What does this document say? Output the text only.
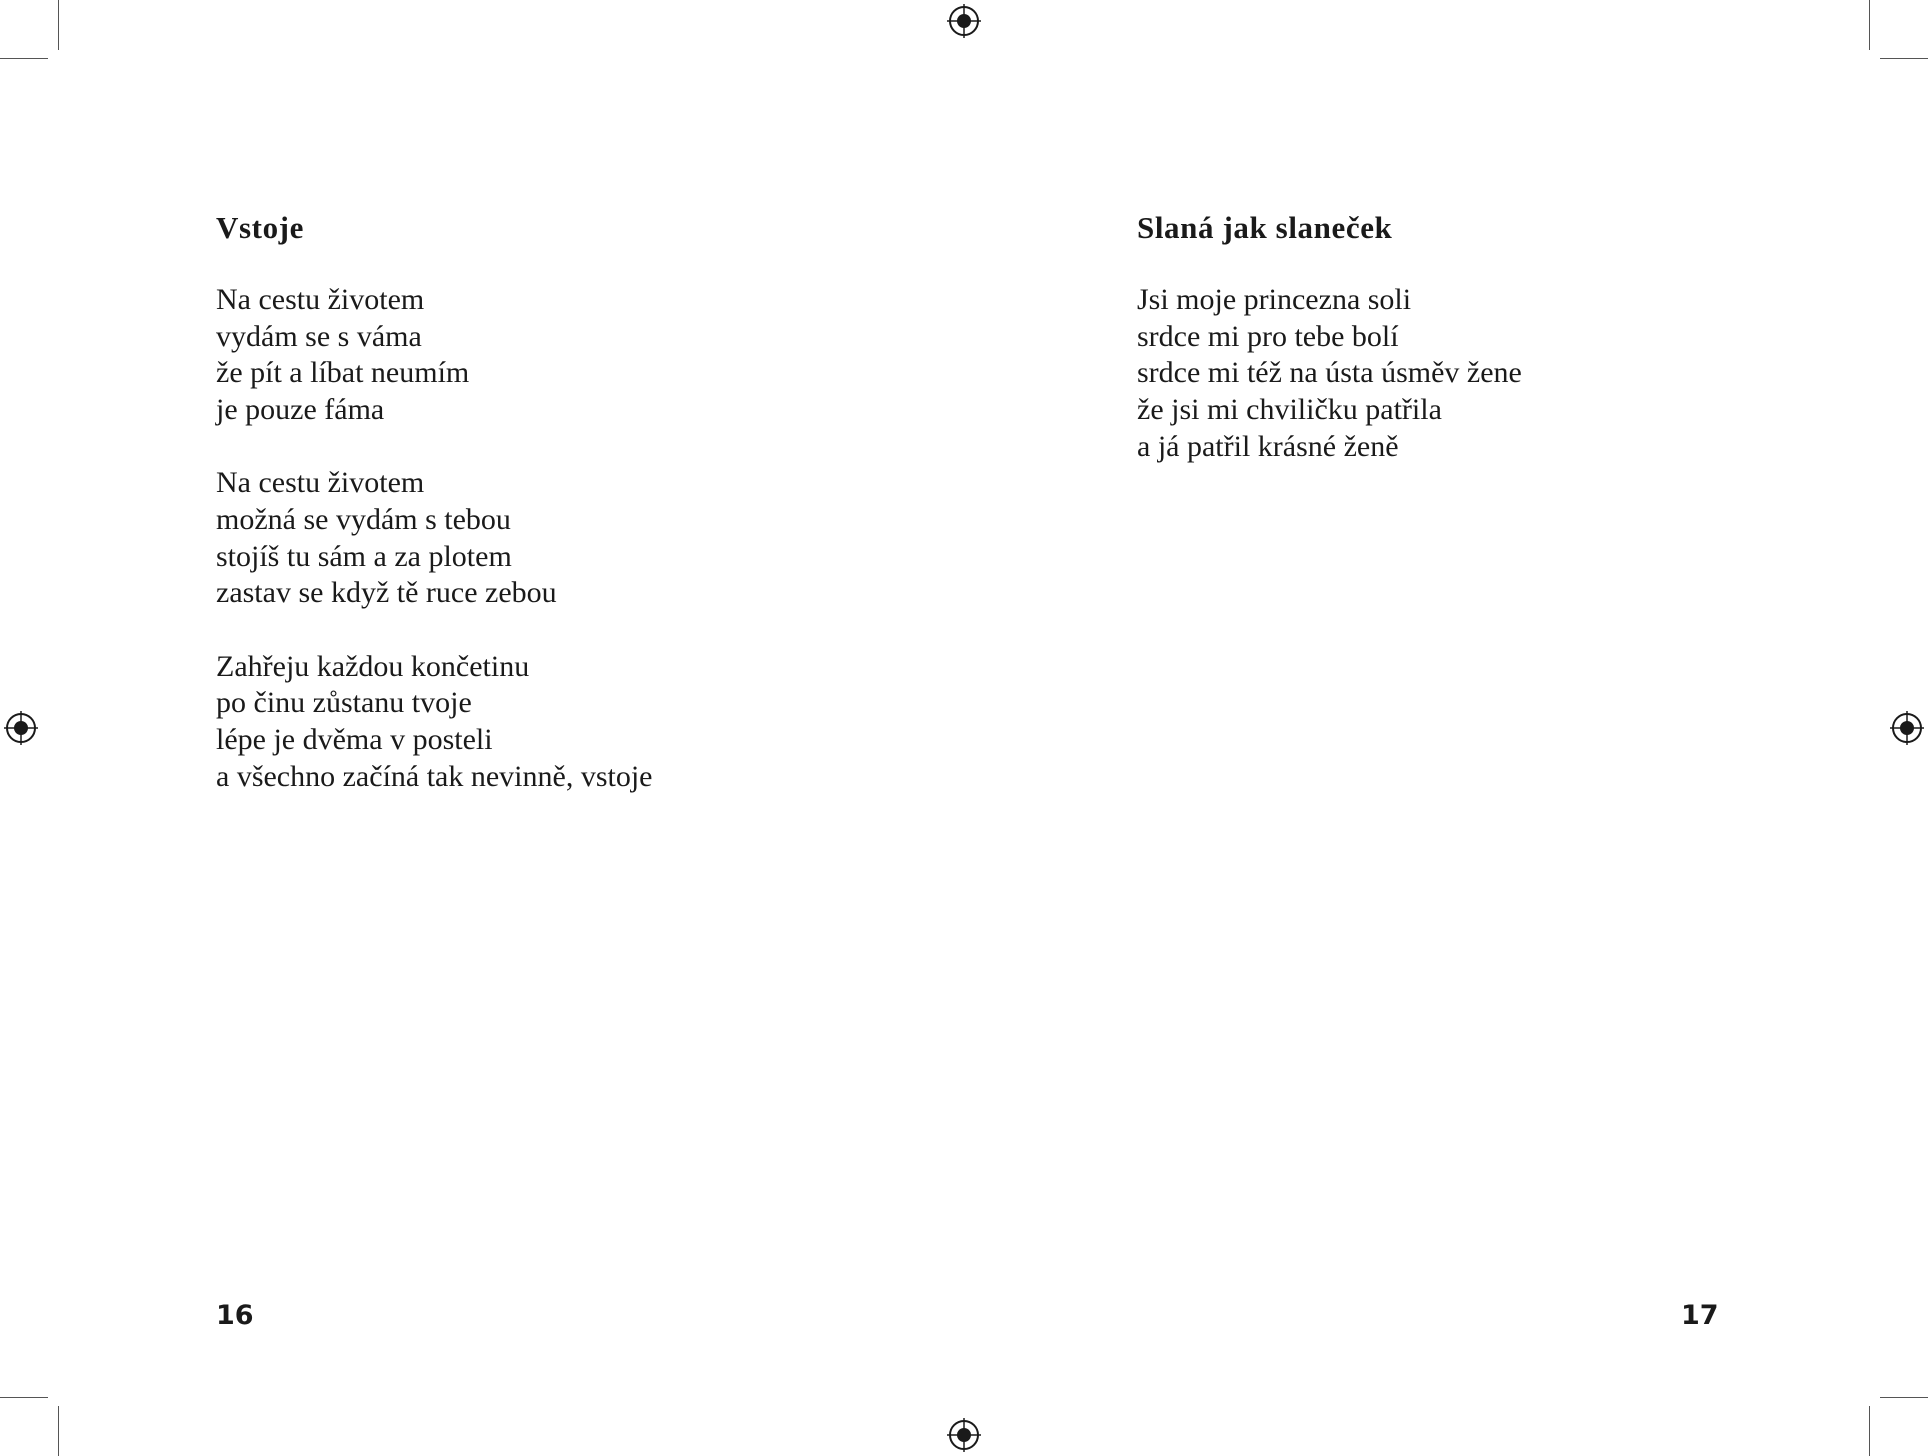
Vstoje
Na cestu životem
vydám se s váma
že pít a líbat neumím
je pouze fáma
Na cestu životem
možná se vydám s tebou
stojíš tu sám a za plotem
zastav se když tě ruce zebou
Zahřeju každou končetinu
po činu zůstanu tvoje
lépe je dvěma v posteli
a všechno začíná tak nevinně, vstoje
16
Slaná jak slaneček
Jsi moje princezna soli
srdce mi pro tebe bolí
srdce mi též na ústa úsměv žene
že jsi mi chviličku patřila
a já patřil krásné ženě
17
